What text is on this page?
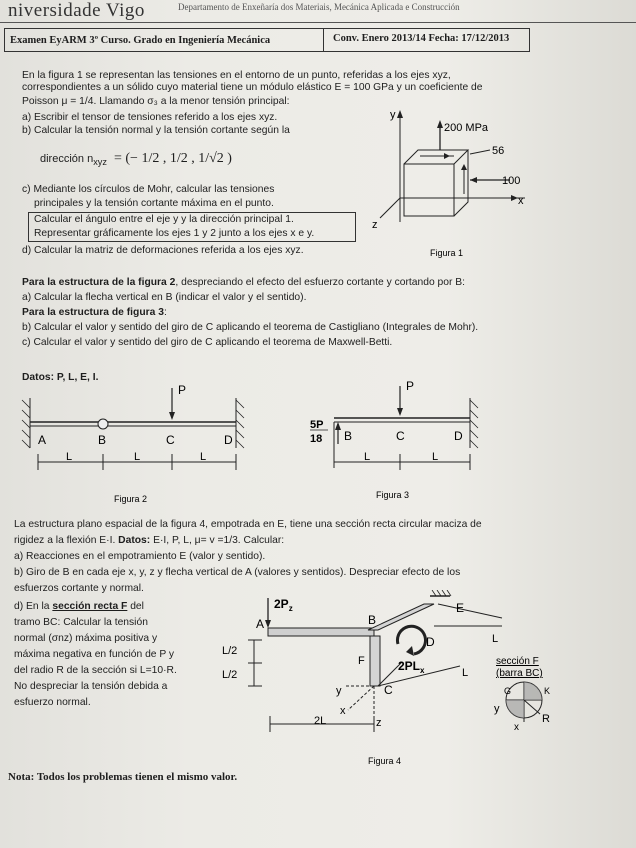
niversidade Vigo	Departamento de Enxeñaría dos Materiais, Mecánica Aplicada e Construcción
Examen EyARM 3º Curso. Grado en Ingeniería Mecánica	Conv. Enero 2013/14 Fecha: 17/12/2013
En la figura 1 se representan las tensiones en el entorno de un punto, referidas a los ejes xyz,
correspondientes a un sólido cuyo material tiene un módulo elástico E = 100 GPa y un coeficiente de
Poisson μ = 1/4. Llamando σ₃ a la menor tensión principal:
a) Escribir el tensor de tensiones referido a los ejes xyz.
b) Calcular la tensión normal y la tensión cortante según la
dirección $n_{xyz}$ = (− 1/2 , 1/2 , 1/√2 )
c) Mediante los círculos de Mohr, calcular las tensiones
principales y la tensión cortante máxima en el punto.
Calcular el ángulo entre el eje y y la dirección principal 1.
Representar gráficamente los ejes 1 y 2 junto a los ejes x e y.
d) Calcular la matriz de deformaciones referida a los ejes xyz.
y
x
z
200 MPa
56
100
Figura 1
Para la estructura de la figura 2, despreciando el efecto del esfuerzo cortante y cortando por B:
a) Calcular la flecha vertical en B (indicar el valor y el sentido).
Para la estructura de figura 3:
b) Calcular el valor y sentido del giro de C aplicando el teorema de Castigliano (Integrales de Mohr).
c) Calcular el valor y sentido del giro de C aplicando el teorema de Maxwell-Betti.
Datos: P, L, E, I.
P
A	B	C	D
L	L	L
Figura 2
P
5P
18 B	C	D
L	L
Figura 3
La estructura plano espacial de la figura 4, empotrada en E, tiene una sección recta circular maciza de
rigidez a la flexión E·I. Datos: E·I, P, L, μ= v =1/3. Calcular:
a) Reacciones en el empotramiento E (valor y sentido).
b) Giro de B en cada eje x, y, z y flecha vertical de A (valores y sentidos). Despreciar efecto de los
esfuerzos cortante y normal.
d) En la sección recta F del
tramo BC: Calcular la tensión
normal (σnz) máxima positiva y
máxima negativa en función de P y
del radio R de la sección si L=10·R.
No despreciar la tensión debida a
esfuerzo normal.
$2P_z$
$2PL_x$
A	B
C
D
E
F
L/2
L/2
L
L
2L
y
x
z
sección F
(barra BC)
G	K
R
y
x
Figura 4
Nota: Todos los problemas tienen el mismo valor.
